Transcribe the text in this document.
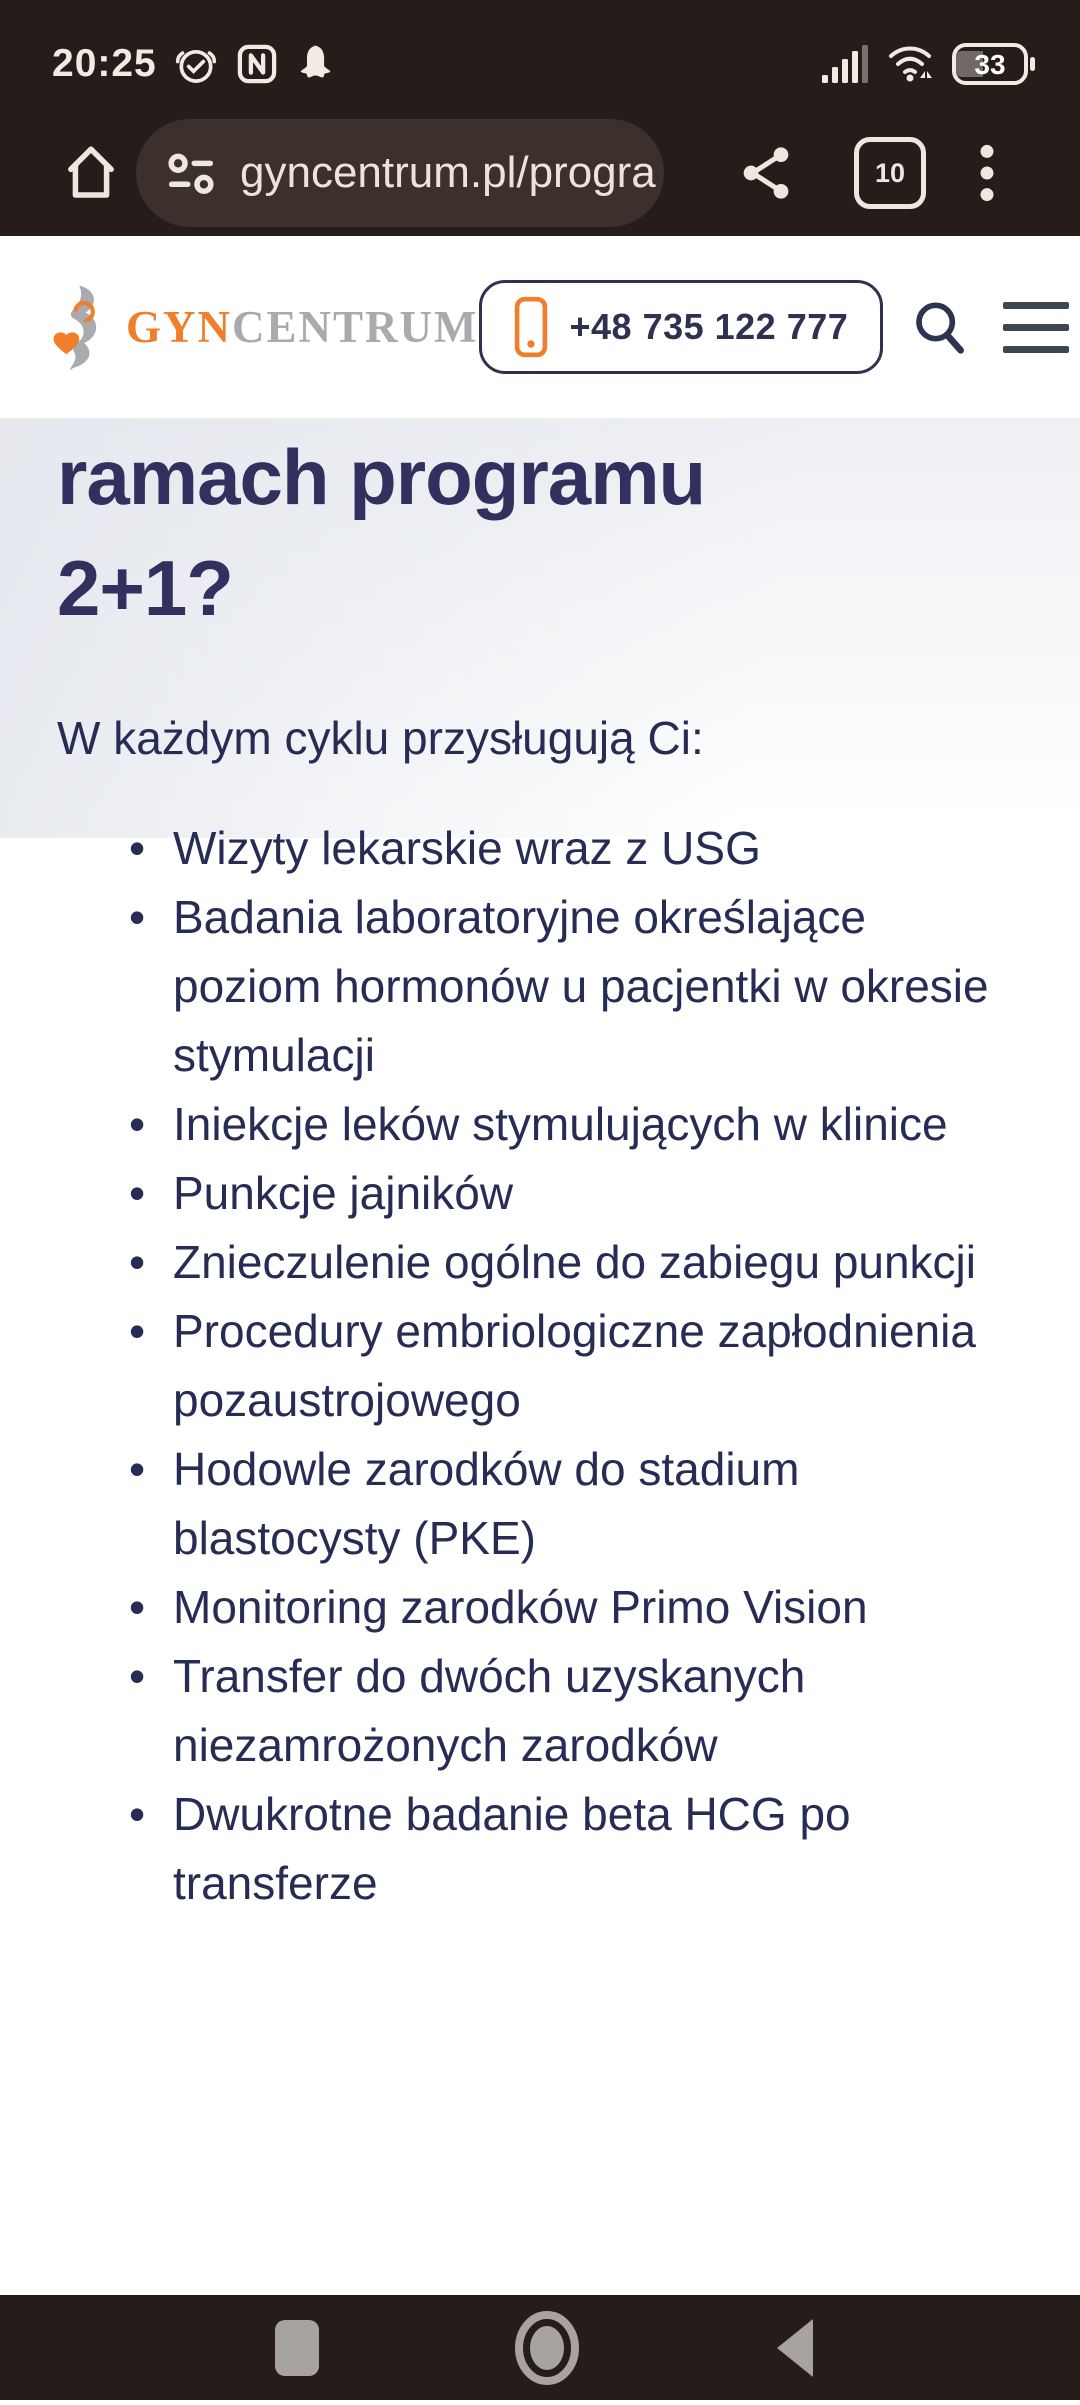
20:25	33
gyncentrum.pl/progra	10
GYNCENTRUM	+48 735 122 777
ramach programu
2+1?

W każdym cyklu przysługują Ci:

• Wizyty lekarskie wraz z USG
• Badania laboratoryjne określające poziom hormonów u pacjentki w okresie stymulacji
• Iniekcje leków stymulujących w klinice
• Punkcje jajników
• Znieczulenie ogólne do zabiegu punkcji
• Procedury embriologiczne zapłodnienia pozaustrojowego
• Hodowle zarodków do stadium blastocysty (PKE)
• Monitoring zarodków Primo Vision
• Transfer do dwóch uzyskanych niezamrożonych zarodków
• Dwukrotne badanie beta HCG po transferze
